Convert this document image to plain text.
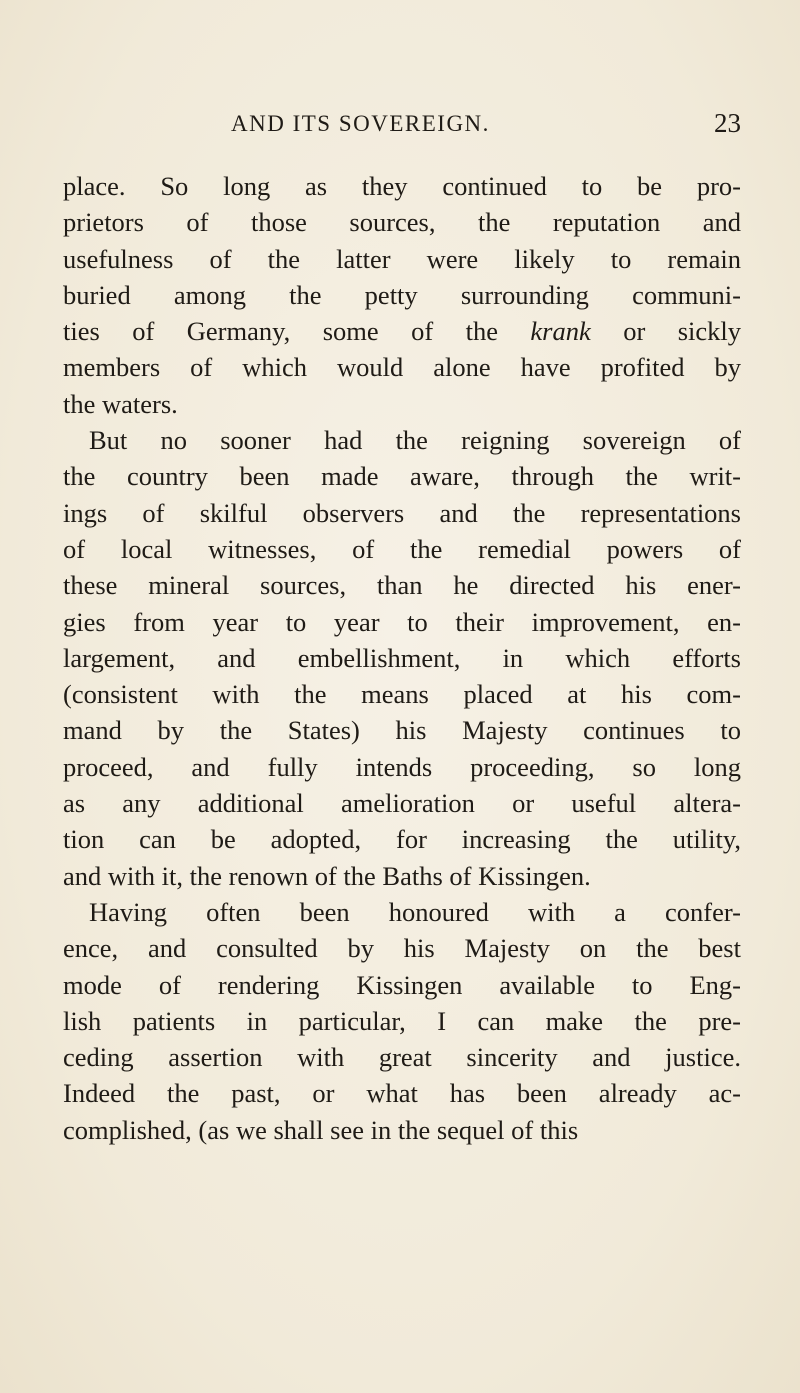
AND ITS SOVEREIGN.	23
place. So long as they continued to be pro-
prietors of those sources, the reputation and
usefulness of the latter were likely to remain
buried among the petty surrounding communi-
ties of Germany, some of the krank or sickly
members of which would alone have profited by
the waters.
But no sooner had the reigning sovereign of
the country been made aware, through the writ-
ings of skilful observers and the representations
of local witnesses, of the remedial powers of
these mineral sources, than he directed his ener-
gies from year to year to their improvement, en-
largement, and embellishment, in which efforts
(consistent with the means placed at his com-
mand by the States) his Majesty continues to
proceed, and fully intends proceeding, so long
as any additional amelioration or useful altera-
tion can be adopted, for increasing the utility,
and with it, the renown of the Baths of Kissingen.
Having often been honoured with a confer-
ence, and consulted by his Majesty on the best
mode of rendering Kissingen available to Eng-
lish patients in particular, I can make the pre-
ceding assertion with great sincerity and justice.
Indeed the past, or what has been already ac-
complished, (as we shall see in the sequel of this
